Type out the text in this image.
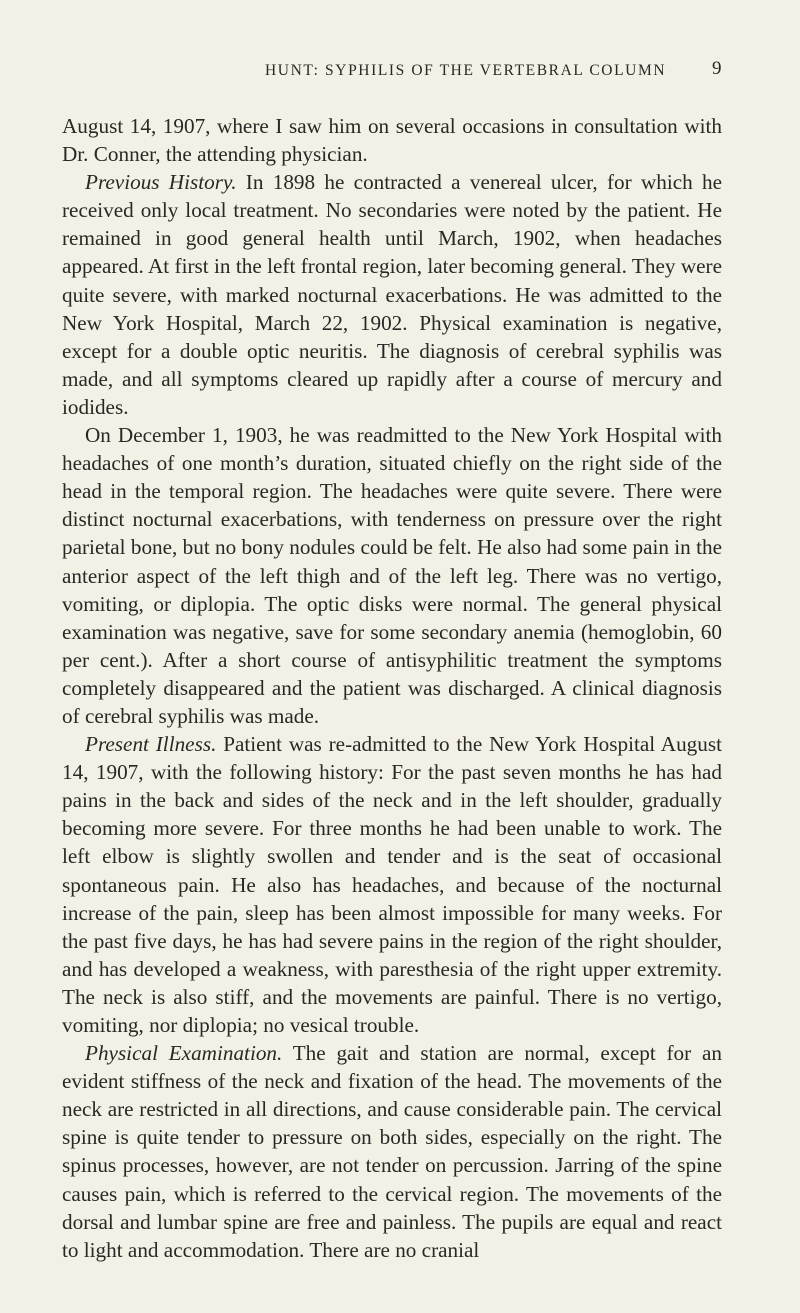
HUNT: SYPHILIS OF THE VERTEBRAL COLUMN 9

August 14, 1907, where I saw him on several occasions in consultation with Dr. Conner, the attending physician.

Previous History. In 1898 he contracted a venereal ulcer, for which he received only local treatment. No secondaries were noted by the patient. He remained in good general health until March, 1902, when headaches appeared. At first in the left frontal region, later becoming general. They were quite severe, with marked nocturnal exacerbations. He was admitted to the New York Hospital, March 22, 1902. Physical examination is negative, except for a double optic neuritis. The diagnosis of cerebral syphilis was made, and all symptoms cleared up rapidly after a course of mercury and iodides.

On December 1, 1903, he was readmitted to the New York Hospital with headaches of one month’s duration, situated chiefly on the right side of the head in the temporal region. The headaches were quite severe. There were distinct nocturnal exacerbations, with tenderness on pressure over the right parietal bone, but no bony nodules could be felt. He also had some pain in the anterior aspect of the left thigh and of the left leg. There was no vertigo, vomiting, or diplopia. The optic disks were normal. The general physical examination was negative, save for some secondary anemia (hemoglobin, 60 per cent.). After a short course of antisyphilitic treatment the symptoms completely disappeared and the patient was discharged. A clinical diagnosis of cerebral syphilis was made.

Present Illness. Patient was re-admitted to the New York Hospital August 14, 1907, with the following history: For the past seven months he has had pains in the back and sides of the neck and in the left shoulder, gradually becoming more severe. For three months he had been unable to work. The left elbow is slightly swollen and tender and is the seat of occasional spontaneous pain. He also has headaches, and because of the nocturnal increase of the pain, sleep has been almost impossible for many weeks. For the past five days, he has had severe pains in the region of the right shoulder, and has developed a weakness, with paresthesia of the right upper extremity. The neck is also stiff, and the movements are painful. There is no vertigo, vomiting, nor diplopia; no vesical trouble.

Physical Examination. The gait and station are normal, except for an evident stiffness of the neck and fixation of the head. The movements of the neck are restricted in all directions, and cause considerable pain. The cervical spine is quite tender to pressure on both sides, especially on the right. The spinus processes, however, are not tender on percussion. Jarring of the spine causes pain, which is referred to the cervical region. The movements of the dorsal and lumbar spine are free and painless. The pupils are equal and react to light and accommodation. There are no cranial
